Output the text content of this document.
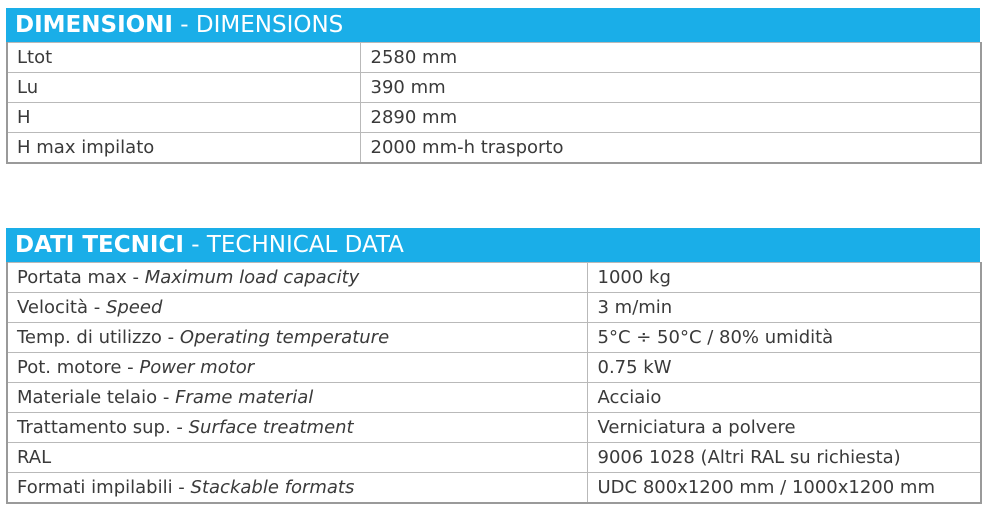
DIMENSIONI - DIMENSIONS
Ltot	2580 mm
Lu	390 mm
H	2890 mm
H max impilato	2000 mm-h trasporto
DATI TECNICI - TECHNICAL DATA
Portata max - Maximum load capacity	1000 kg
Velocità - Speed	3 m/min
Temp. di utilizzo - Operating temperature	5°C ÷ 50°C / 80% umidità
Pot. motore - Power motor	0.75 kW
Materiale telaio - Frame material	Acciaio
Trattamento sup. - Surface treatment	Verniciatura a polvere
RAL	9006 1028 (Altri RAL su richiesta)
Formati impilabili - Stackable formats	UDC 800x1200 mm / 1000x1200 mm
